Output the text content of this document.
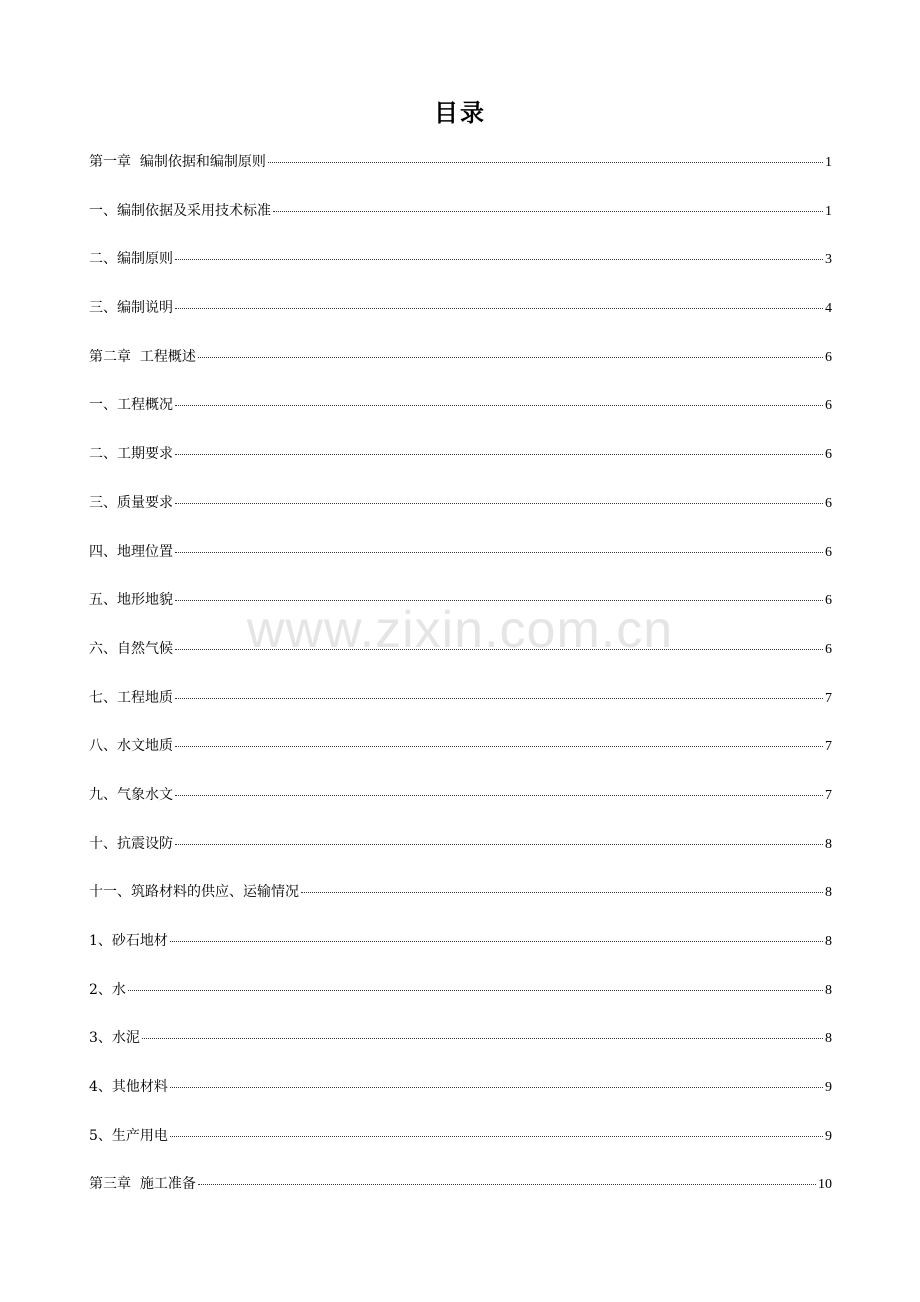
目录
第一章  编制依据和编制原则	1
一、编制依据及采用技术标准	1
二、编制原则	3
三、编制说明	4
第二章  工程概述	6
一、工程概况	6
二、工期要求	6
三、质量要求	6
四、地理位置	6
五、地形地貌	6
六、自然气候	6
七、工程地质	7
八、水文地质	7
九、气象水文	7
十、抗震设防	8
十一、筑路材料的供应、运输情况	8
1、砂石地材	8
2、水	8
3、水泥	8
4、其他材料	9
5、生产用电	9
第三章  施工准备	10
www.zixin.com.cn
